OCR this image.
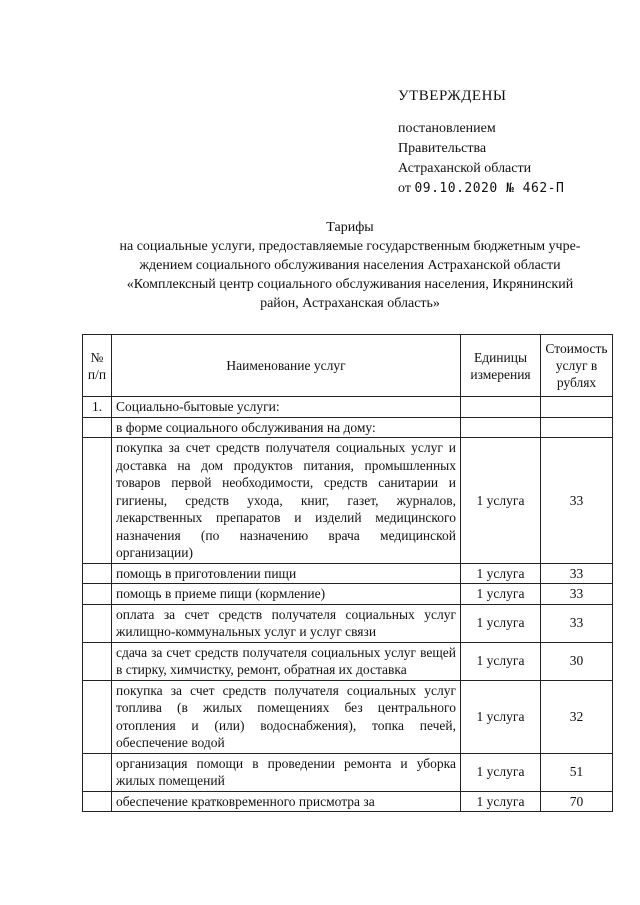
УТВЕРЖДЕНЫ
постановлением
Правительства
Астраханской области
от 09.10.2020 № 462-П
Тарифы
на социальные услуги, предоставляемые государственным бюджетным учре-
ждением социального обслуживания населения Астраханской области
«Комплексный центр социального обслуживания населения, Икрянинский
район, Астраханская область»
№ п/п	Наименование услуг	Единицы измерения	Стоимость услуг в рублях
1.	Социально-бытовые услуги:		
	в форме социального обслуживания на дому:		
	покупка за счет средств получателя социальных услуг и доставка на дом продуктов питания, промышленных товаров первой необходимости, средств санитарии и гигиены, средств ухода, книг, газет, журналов, лекарственных препаратов и изделий медицинского назначения (по назначению врача медицинской организации)	1 услуга	33
	помощь в приготовлении пищи	1 услуга	33
	помощь в приеме пищи (кормление)	1 услуга	33
	оплата за счет средств получателя социальных услуг жилищно-коммунальных услуг и услуг связи	1 услуга	33
	сдача за счет средств получателя социальных услуг вещей в стирку, химчистку, ремонт, обратная их доставка	1 услуга	30
	покупка за счет средств получателя социальных услуг топлива (в жилых помещениях без центрального отопления и (или) водоснабжения), топка печей, обеспечение водой	1 услуга	32
	организация помощи в проведении ремонта и уборка жилых помещений	1 услуга	51
	обеспечение кратковременного присмотра за	1 услуга	70
